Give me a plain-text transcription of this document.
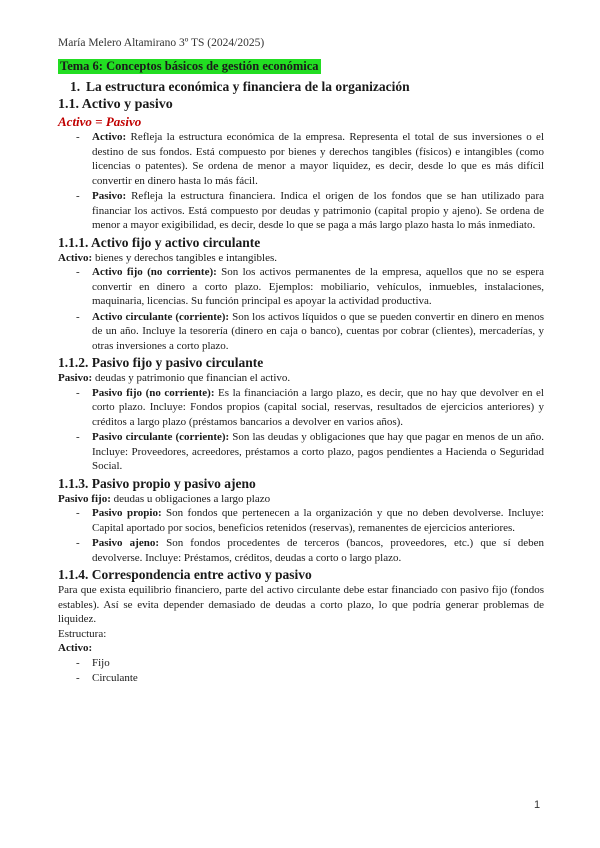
María Melero Altamirano 3º TS (2024/2025)
Tema 6: Conceptos básicos de gestión económica
1. La estructura económica y financiera de la organización
1.1. Activo y pasivo
Activo = Pasivo
- Activo: Refleja la estructura económica de la empresa. Representa el total de sus inversiones o el destino de sus fondos. Está compuesto por bienes y derechos tangibles (físicos) e intangibles (como licencias o patentes). Se ordena de menor a mayor liquidez, es decir, desde lo que es más difícil convertir en dinero hasta lo más fácil.
- Pasivo: Refleja la estructura financiera. Indica el origen de los fondos que se han utilizado para financiar los activos. Está compuesto por deudas y patrimonio (capital propio y ajeno). Se ordena de menor a mayor exigibilidad, es decir, desde lo que se paga a más largo plazo hasta lo más inmediato.
1.1.1. Activo fijo y activo circulante
Activo: bienes y derechos tangibles e intangibles.
- Activo fijo (no corriente): Son los activos permanentes de la empresa, aquellos que no se espera convertir en dinero a corto plazo. Ejemplos: mobiliario, vehículos, inmuebles, instalaciones, maquinaria, licencias. Su función principal es apoyar la actividad productiva.
- Activo circulante (corriente): Son los activos líquidos o que se pueden convertir en dinero en menos de un año. Incluye la tesorería (dinero en caja o banco), cuentas por cobrar (clientes), mercaderías, y otras inversiones a corto plazo.
1.1.2. Pasivo fijo y pasivo circulante
Pasivo: deudas y patrimonio que financian el activo.
- Pasivo fijo (no corriente): Es la financiación a largo plazo, es decir, que no hay que devolver en el corto plazo. Incluye: Fondos propios (capital social, reservas, resultados de ejercicios anteriores) y créditos a largo plazo (préstamos bancarios a devolver en varios años).
- Pasivo circulante (corriente): Son las deudas y obligaciones que hay que pagar en menos de un año. Incluye: Proveedores, acreedores, préstamos a corto plazo, pagos pendientes a Hacienda o Seguridad Social.
1.1.3. Pasivo propio y pasivo ajeno
Pasivo fijo: deudas u obligaciones a largo plazo
- Pasivo propio: Son fondos que pertenecen a la organización y que no deben devolverse. Incluye: Capital aportado por socios, beneficios retenidos (reservas), remanentes de ejercicios anteriores.
- Pasivo ajeno: Son fondos procedentes de terceros (bancos, proveedores, etc.) que sí deben devolverse. Incluye: Préstamos, créditos, deudas a corto o largo plazo.
1.1.4. Correspondencia entre activo y pasivo
Para que exista equilibrio financiero, parte del activo circulante debe estar financiado con pasivo fijo (fondos estables). Así se evita depender demasiado de deudas a corto plazo, lo que podría generar problemas de liquidez.
Estructura:
Activo:
- Fijo
- Circulante
1
